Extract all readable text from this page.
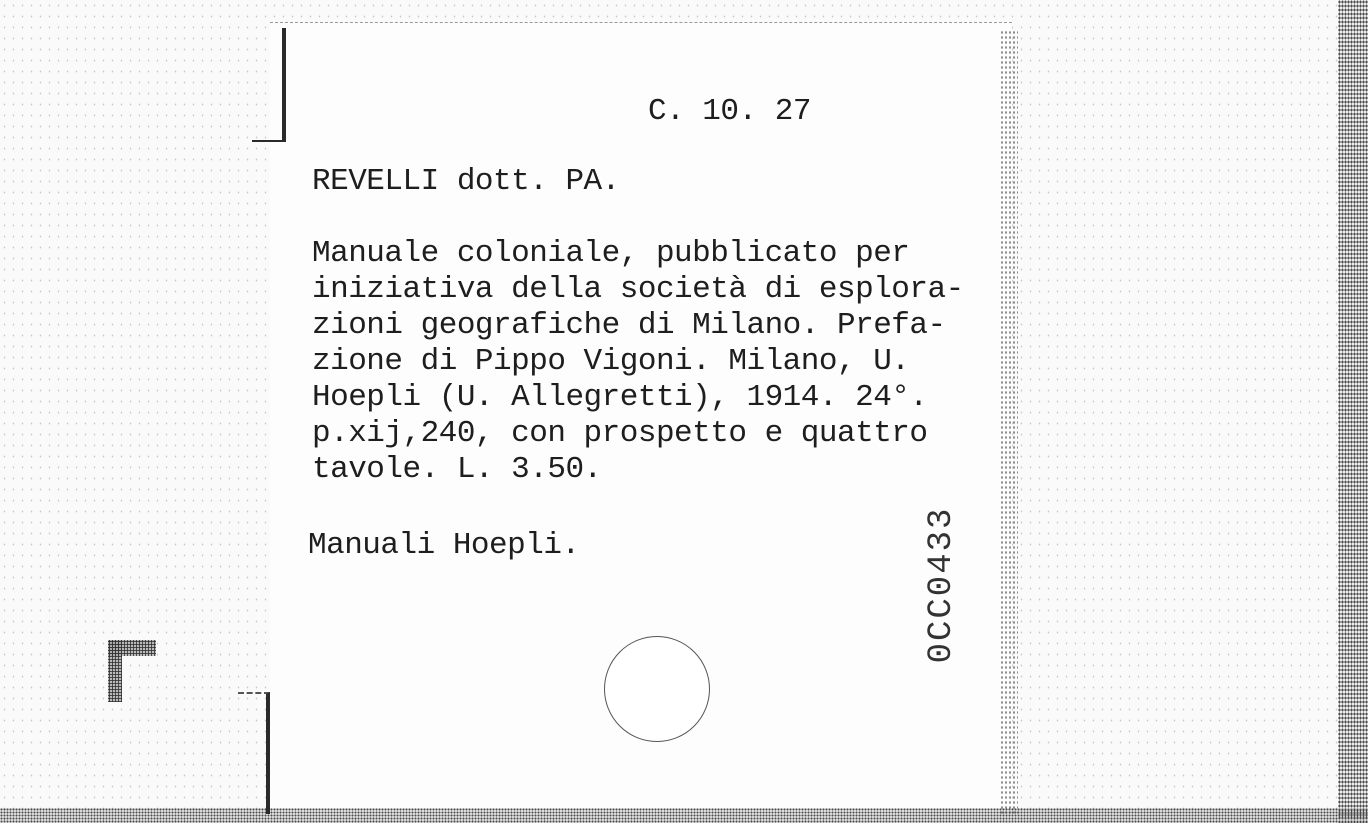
C. 10. 27
REVELLI dott. PA.
Manuale coloniale, pubblicato per
iniziativa della società di esplora-
zioni geografiche di Milano. Prefa-
zione di Pippo Vigoni. Milano, U.
Hoepli (U. Allegretti), 1914. 24°.
p.xij,240, con prospetto e quattro
tavole. L. 3.50.
Manuali Hoepli.	0CC0433
